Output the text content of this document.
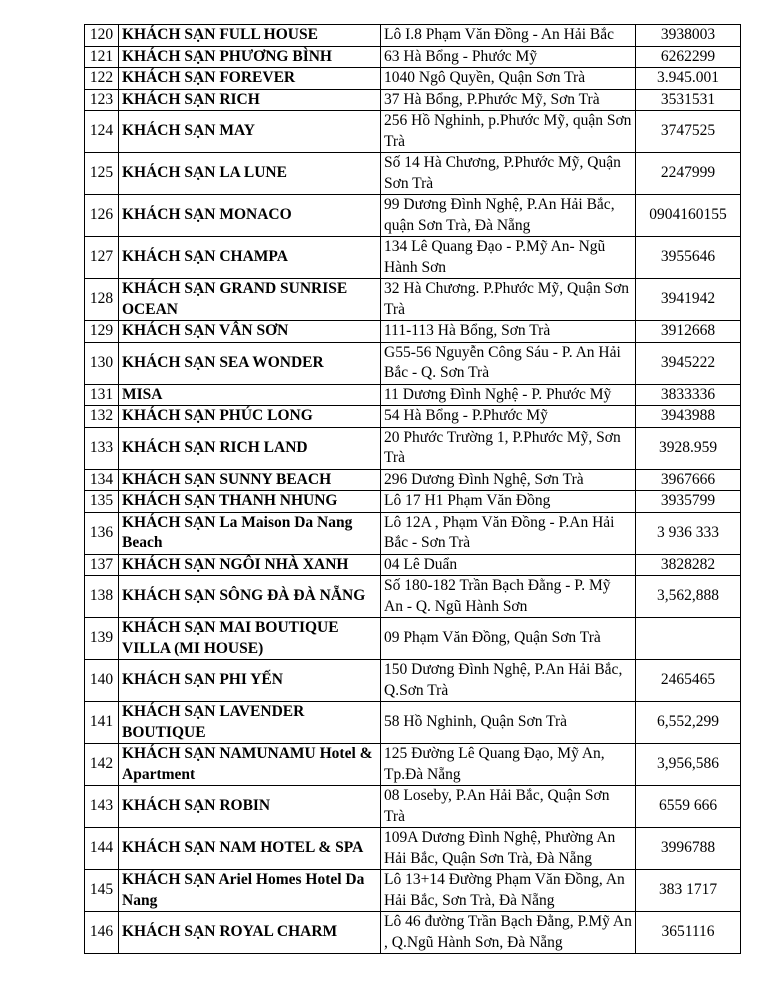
120	KHÁCH SẠN FULL HOUSE	Lô I.8 Phạm Văn Đồng - An Hải Bắc	3938003
121	KHÁCH SẠN PHƯƠNG BÌNH	63 Hà Bổng - Phước Mỹ	6262299
122	KHÁCH SẠN FOREVER	1040 Ngô Quyền, Quận Sơn Trà	3.945.001
123	KHÁCH SẠN RICH	37 Hà Bổng, P.Phước Mỹ, Sơn Trà	3531531
124	KHÁCH SẠN MAY	256 Hồ Nghinh, p.Phước Mỹ, quận Sơn Trà	3747525
125	KHÁCH SẠN LA LUNE	Số 14 Hà Chương, P.Phước Mỹ, Quận Sơn Trà	2247999
126	KHÁCH SẠN MONACO	99 Dương Đình Nghệ, P.An Hải Bắc, quận Sơn Trà, Đà Nẵng	0904160155
127	KHÁCH SẠN CHAMPA	134 Lê Quang Đạo - P.Mỹ An- Ngũ Hành Sơn	3955646
128	KHÁCH SẠN GRAND SUNRISE OCEAN	32 Hà Chương. P.Phước Mỹ, Quận Sơn Trà	3941942
129	KHÁCH SẠN VÂN SƠN	111-113 Hà Bổng, Sơn Trà	3912668
130	KHÁCH SẠN SEA WONDER	G55-56 Nguyễn Công Sáu - P. An Hải Bắc - Q. Sơn Trà	3945222
131	MISA	11 Dương Đình Nghệ - P. Phước Mỹ	3833336
132	KHÁCH SẠN PHÚC LONG	54 Hà Bổng - P.Phước Mỹ	3943988
133	KHÁCH SẠN RICH LAND	20 Phước Trường 1, P.Phước Mỹ, Sơn Trà	3928.959
134	KHÁCH SẠN SUNNY BEACH	296 Dương Đình Nghệ, Sơn Trà	3967666
135	KHÁCH SẠN THANH NHUNG	Lô 17 H1 Phạm Văn Đồng	3935799
136	KHÁCH SẠN La Maison Da Nang Beach	Lô 12A , Phạm Văn Đồng - P.An Hải Bắc - Sơn Trà	3 936 333
137	KHÁCH SẠN NGÔI NHÀ XANH	04 Lê Duẩn	3828282
138	KHÁCH SẠN SÔNG ĐÀ ĐÀ NẴNG	Số 180-182 Trần Bạch Đằng - P. Mỹ An - Q. Ngũ Hành Sơn	3,562,888
139	KHÁCH SẠN MAI BOUTIQUE VILLA (MI HOUSE)	09 Phạm Văn Đồng, Quận Sơn Trà	
140	KHÁCH SẠN PHI YẾN	150 Dương Đình Nghệ, P.An Hải Bắc, Q.Sơn Trà	2465465
141	KHÁCH SẠN LAVENDER BOUTIQUE	58 Hồ Nghinh, Quận Sơn Trà	6,552,299
142	KHÁCH SẠN NAMUNAMU Hotel & Apartment	125 Đường Lê Quang Đạo, Mỹ An, Tp.Đà Nẵng	3,956,586
143	KHÁCH SẠN ROBIN	08 Loseby, P.An Hải Bắc, Quận Sơn Trà	6559 666
144	KHÁCH SẠN NAM HOTEL & SPA	109A Dương Đình Nghệ, Phường An Hải Bắc, Quận Sơn Trà, Đà Nẵng	3996788
145	KHÁCH SẠN Ariel Homes Hotel Da Nang	Lô 13+14 Đường Phạm Văn Đồng, An Hải Bắc, Sơn Trà, Đà Nẵng	383 1717
146	KHÁCH SẠN ROYAL CHARM	Lô 46 đường Trần Bạch Đằng, P.Mỹ An , Q.Ngũ Hành Sơn, Đà Nẵng	3651116
